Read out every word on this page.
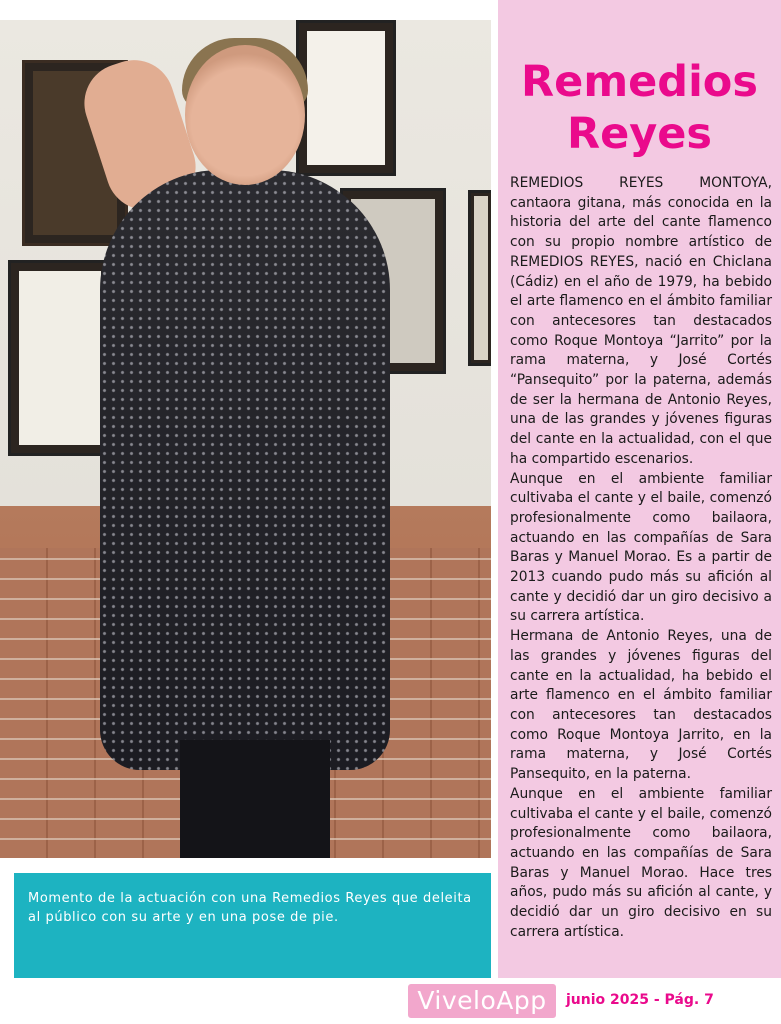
Momento de la actuación con una Remedios Reyes que deleita al público con su arte y en una pose de pie.
Remedios
Reyes

REMEDIOS REYES MONTOYA, cantaora gitana, más conocida en la historia del arte del cante flamenco con su propio nombre artístico de REMEDIOS REYES, nació en Chiclana (Cádiz) en el año de 1979, ha bebido el arte flamenco en el ámbito familiar con antecesores tan destacados como Roque Montoya “Jarrito” por la rama materna, y José Cortés “Pansequito” por la paterna, además de ser la hermana de Antonio Reyes, una de las grandes y jóvenes figuras del cante en la actualidad, con el que ha compartido escenarios.

Aunque en el ambiente familiar cultivaba el cante y el baile, comenzó profesionalmente como bailaora, actuando en las compañías de Sara Baras y Manuel Morao. Es a partir de 2013 cuando pudo más su afición al cante y decidió dar un giro decisivo a su carrera artística.

Hermana de Antonio Reyes, una de las grandes y jóvenes figuras del cante en la actualidad, ha bebido el arte flamenco en el ámbito familiar con antecesores tan destacados como Roque Montoya Jarrito, en la rama materna, y José Cortés Pansequito, en la paterna.

Aunque en el ambiente familiar cultivaba el cante y el baile, comenzó profesionalmente como bailaora, actuando en las compañías de Sara Baras y Manuel Morao. Hace tres años, pudo más su afición al cante, y decidió dar un giro decisivo en su carrera artística.

ViveloApp	junio 2025 - Pág. 7
